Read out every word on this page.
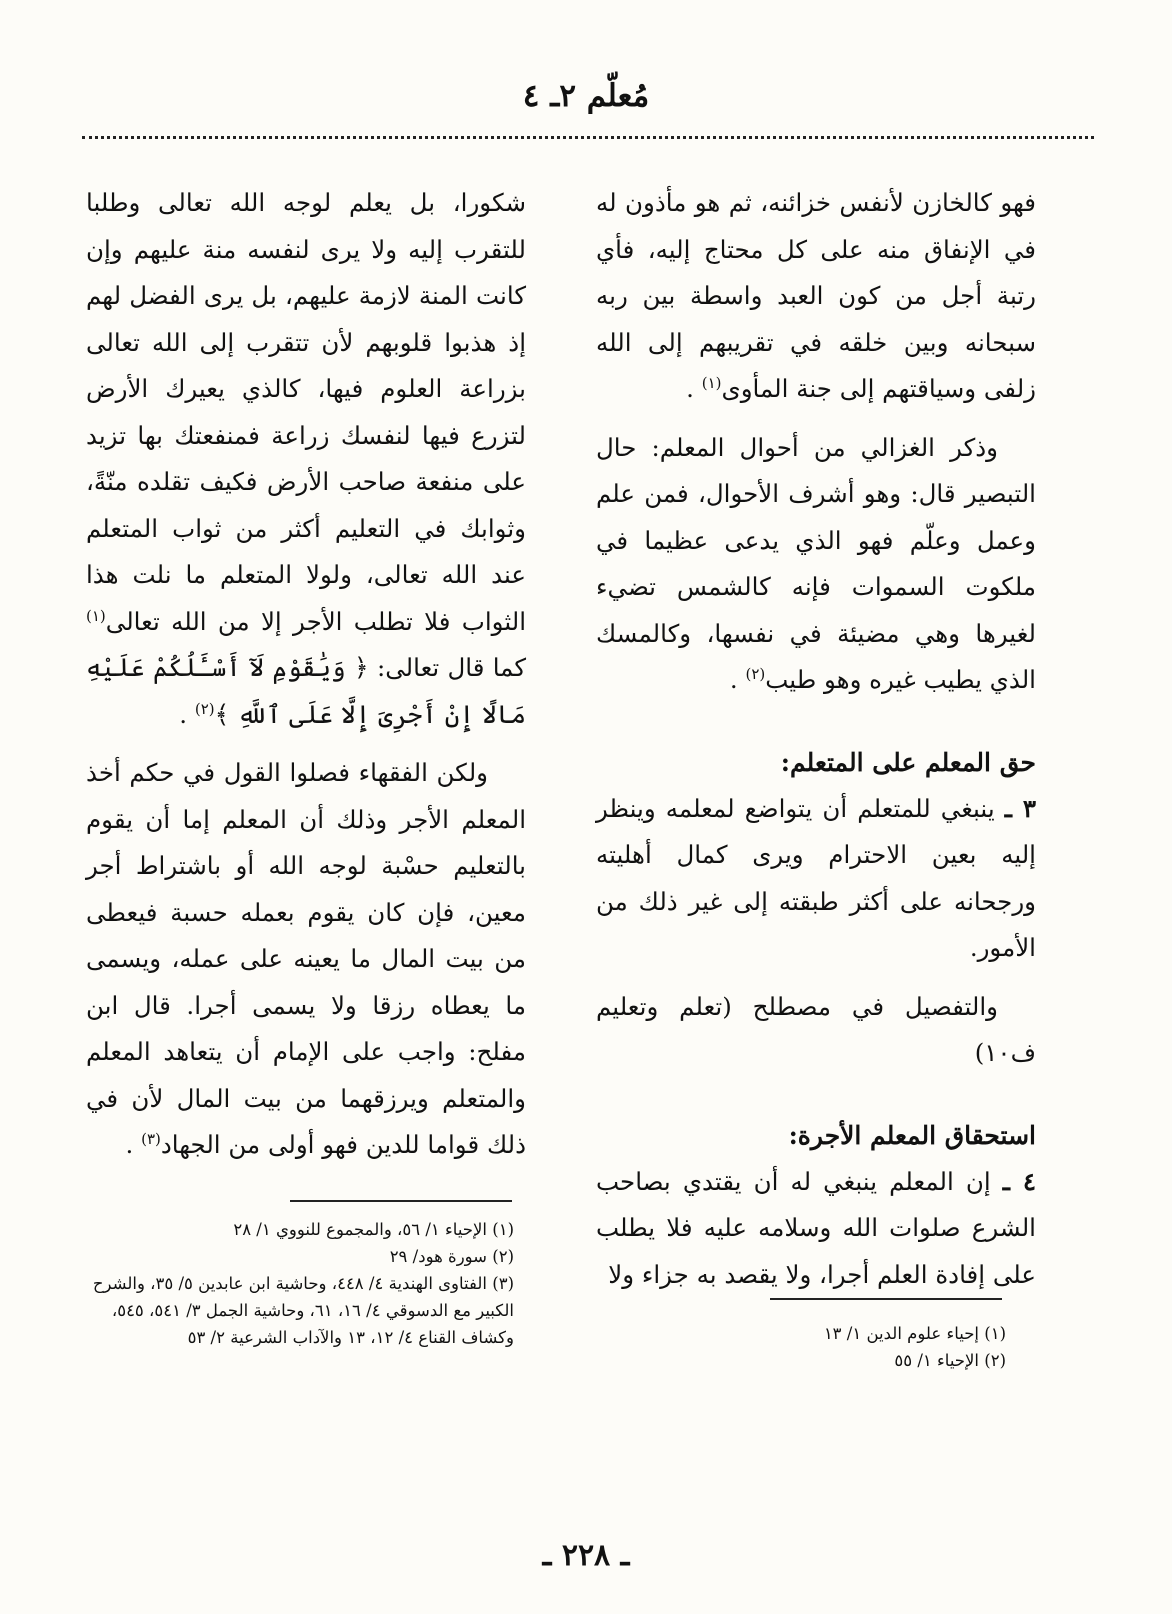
مُعلّم ٢ـ ٤

فهو كالخازن لأنفس خزائنه، ثم هو مأذون له في الإنفاق منه على كل محتاج إليه، فأي رتبة أجل من كون العبد واسطة بين ربه سبحانه وبين خلقه في تقريبهم إلى الله زلفى وسياقتهم إلى جنة المأوى$^{(١)}$ .

وذكر الغزالي من أحوال المعلم: حال التبصير قال: وهو أشرف الأحوال، فمن علم وعمل وعلّم فهو الذي يدعى عظيما في ملكوت السموات فإنه كالشمس تضيء لغيرها وهي مضيئة في نفسها، وكالمسك الذي يطيب غيره وهو طيب$^{(٢)}$ .

حق المعلم على المتعلم:

٣ ـ ينبغي للمتعلم أن يتواضع لمعلمه وينظر إليه بعين الاحترام ويرى كمال أهليته ورجحانه على أكثر طبقته إلى غير ذلك من الأمور.

والتفصيل في مصطلح (تعلم وتعليم ف١٠)

استحقاق المعلم الأجرة:

٤ ـ إن المعلم ينبغي له أن يقتدي بصاحب الشرع صلوات الله وسلامه عليه فلا يطلب على إفادة العلم أجرا، ولا يقصد به جزاء ولا

شكورا، بل يعلم لوجه الله تعالى وطلبا للتقرب إليه ولا يرى لنفسه منة عليهم وإن كانت المنة لازمة عليهم، بل يرى الفضل لهم إذ هذبوا قلوبهم لأن تتقرب إلى الله تعالى بزراعة العلوم فيها، كالذي يعيرك الأرض لتزرع فيها لنفسك زراعة فمنفعتك بها تزيد على منفعة صاحب الأرض فكيف تقلده منّةً، وثوابك في التعليم أكثر من ثواب المتعلم عند الله تعالى، ولولا المتعلم ما نلت هذا الثواب فلا تطلب الأجر إلا من الله تعالى$^{(١)}$ كما قال تعالى: ﴿ وَيَٰقَوْمِ لَآ أَسْـَٔلُكُمْ عَلَيْهِ مَالًا إِنْ أَجْرِىَ إِلَّا عَلَى ٱللَّهِ ﴾$^{(٢)}$ .

ولكن الفقهاء فصلوا القول في حكم أخذ المعلم الأجر وذلك أن المعلم إما أن يقوم بالتعليم حسْبة لوجه الله أو باشتراط أجر معين، فإن كان يقوم بعمله حسبة فيعطى من بيت المال ما يعينه على عمله، ويسمى ما يعطاه رزقا ولا يسمى أجرا. قال ابن مفلح: واجب على الإمام أن يتعاهد المعلم والمتعلم ويرزقهما من بيت المال لأن في ذلك قواما للدين فهو أولى من الجهاد$^{(٣)}$ .

(١) الإحياء ١/ ٥٦، والمجموع للنووي ١/ ٢٨
(٢) سورة هود/ ٢٩
(٣) الفتاوى الهندية ٤/ ٤٤٨، وحاشية ابن عابدين ٥/ ٣٥، والشرح الكبير مع الدسوقي ٤/ ١٦، ٦١، وحاشية الجمل ٣/ ٥٤١، ٥٤٥، وكشاف القناع ٤/ ١٢، ١٣ والآداب الشرعية ٢/ ٥٣	(١) إحياء علوم الدين ١/ ١٣
(٢) الإحياء ١/ ٥٥
ـ ٢٢٨ ـ
